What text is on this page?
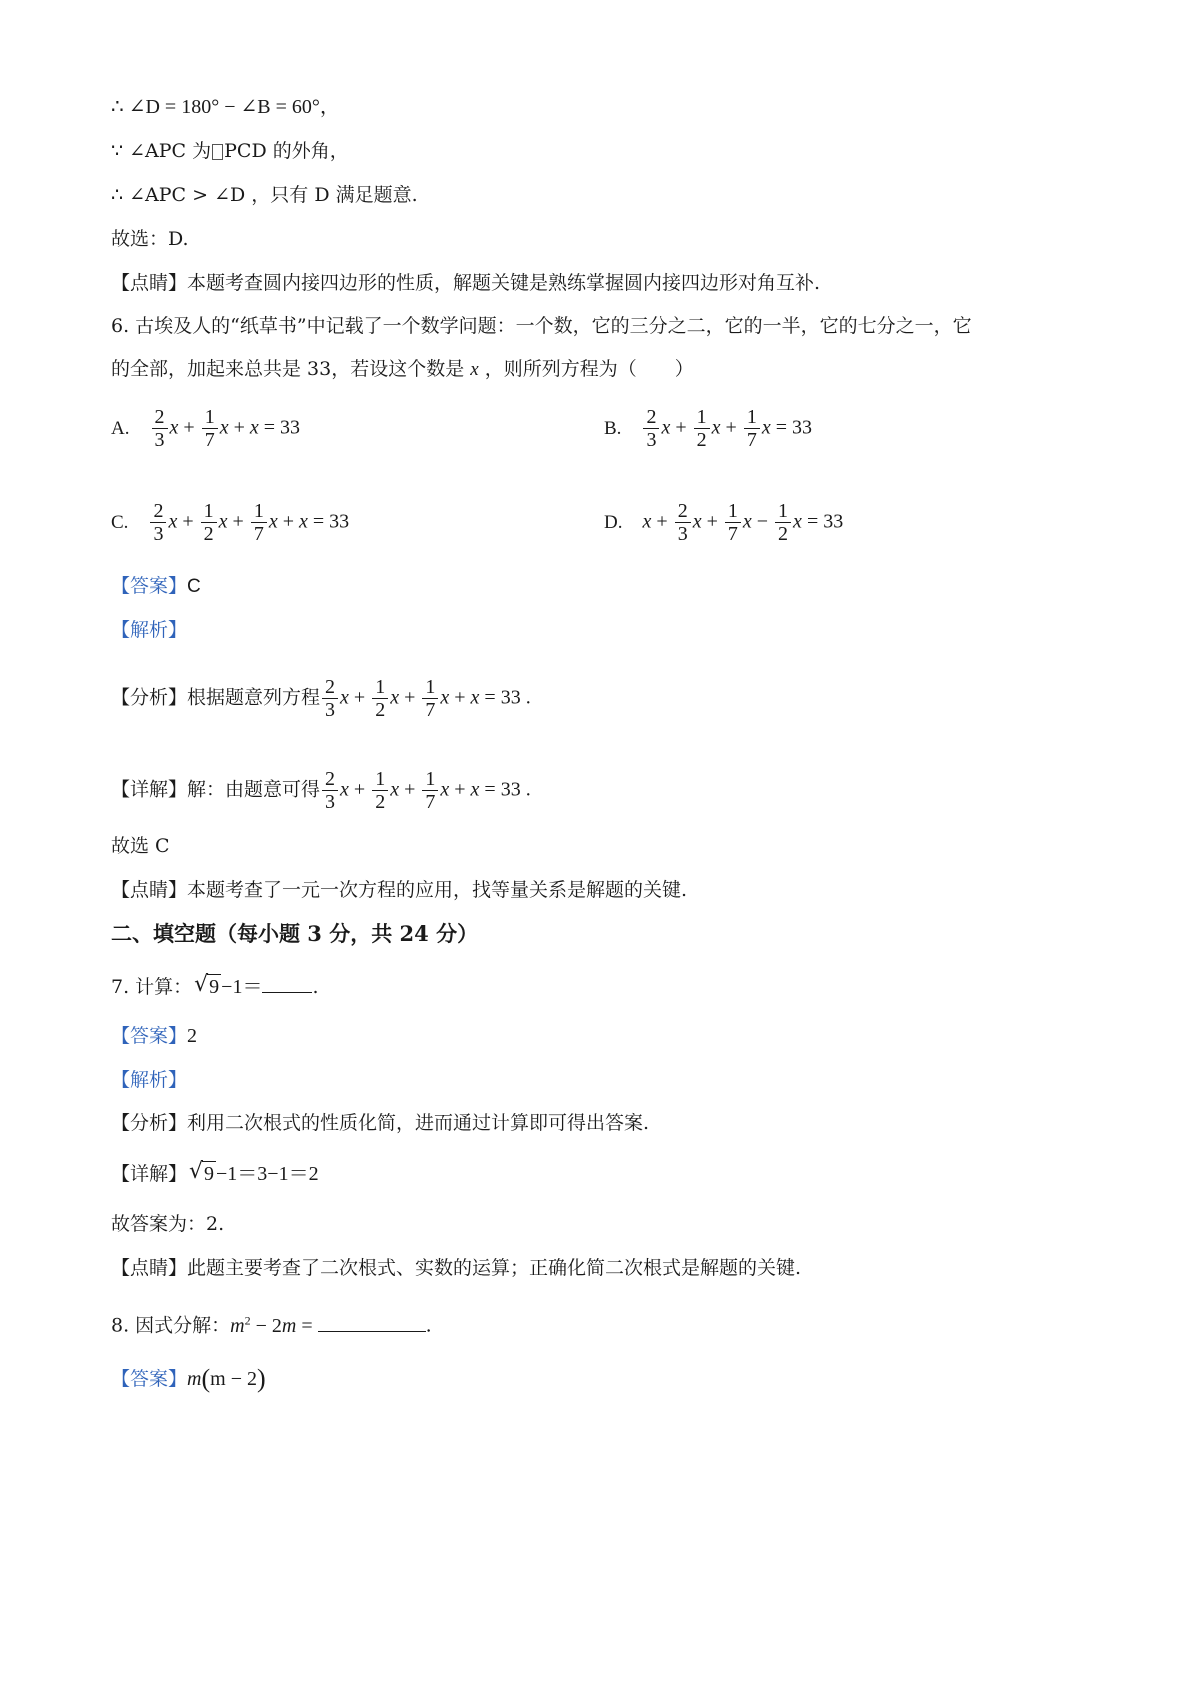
∴ ∠D = 180° − ∠B = 60°，
∵ ∠APC 为 PCD 的外角，
∴ ∠APC > ∠D ，只有 D 满足题意.
故选：D.
【点睛】本题考查圆内接四边形的性质，解题关键是熟练掌握圆内接四边形对角互补.
6. 古埃及人的“纸草书”中记载了一个数学问题：一个数，它的三分之二，它的一半，它的七分之一，它
的全部，加起来总共是 33，若设这个数是 x ，则所列方程为（　　）
A. $\frac{2}{3}$ $x + \frac{1}{7}$ x + x = 33	B. $\frac{2}{3}$ $x + \frac{1}{2}$ $x + \frac{1}{7}$ x = 33
C. $\frac{2}{3}$ $x + \frac{1}{2}$ $x + \frac{1}{7}$ x + x = 33	D. $x + \frac{2}{3}$ $x + \frac{1}{7}$ $x - \frac{1}{2}$ x = 33
【答案】C
【解析】
【分析】根据题意列方程 $\frac{2}{3}$ $x + \frac{1}{2}$ $x + \frac{1}{7}$ x + x = 33 .
【详解】解：由题意可得 $\frac{2}{3}$ $x + \frac{1}{2}$ $x + \frac{1}{7}$ x + x = 33 .
故选 C
【点睛】本题考查了一元一次方程的应用，找等量关系是解题的关键.
二、填空题（每小题 3 分，共 24 分）
7. 计算： √ 9 −1＝	.
【答案】2
【解析】
【分析】利用二次根式的性质化简，进而通过计算即可得出答案.
【详解】 √ 9 −1＝3−1＝2
故答案为：2.
【点睛】此题主要考查了二次根式、实数的运算；正确化简二次根式是解题的关键.
8. 因式分解：$m^2 - 2m$ =	.
【答案】m(m − 2)
